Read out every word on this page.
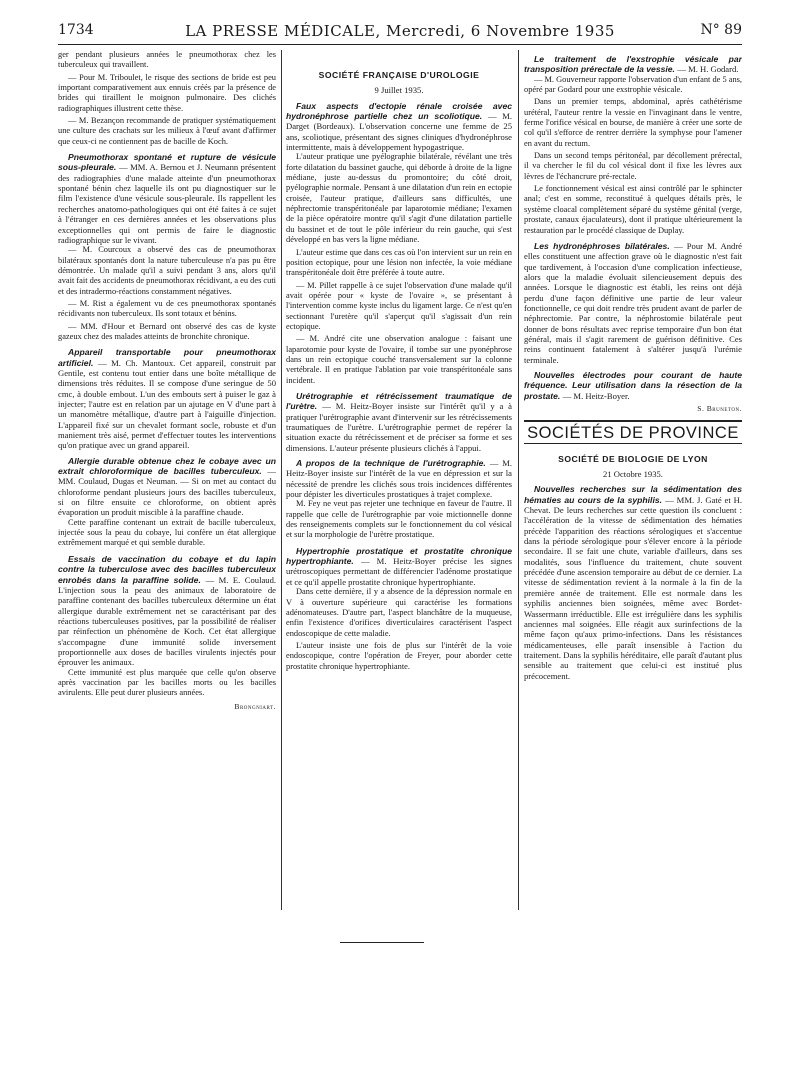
1734	LA PRESSE MÉDICALE, Mercredi, 6 Novembre 1935	N° 89

ger pendant plusieurs années le pneumothorax chez les tuberculeux qui travaillent.

— Pour M. Triboulet, le risque des sections de bride est peu important comparativement aux ennuis créés par la présence de brides qui tiraillent le moignon pulmonaire. Des clichés radiographiques illustrent cette thèse.

— M. Bezançon recommande de pratiquer systématiquement une culture des crachats sur les milieux à l'œuf avant d'affirmer que ceux-ci ne contiennent pas de bacille de Koch.

Pneumothorax spontané et rupture de vésicule sous-pleurale. — MM. A. Bernou et J. Neumann présentent des radiographies d'une malade atteinte d'un pneumothorax spontané bénin chez laquelle ils ont pu diagnostiquer sur le film l'existence d'une vésicule sous-pleurale. Ils rappellent les recherches anatomo-pathologiques qui ont été faites à ce sujet à l'étranger en ces dernières années et les observations plus exceptionnelles qui ont permis de faire le diagnostic radiographique sur le vivant.

— M. Courcoux a observé des cas de pneumothorax bilatéraux spontanés dont la nature tuberculeuse n'a pas pu être démontrée. Un malade qu'il a suivi pendant 3 ans, alors qu'il avait fait des accidents de pneumothorax récidivant, a eu des cuti et des intradermo-réactions constamment négatives.

— M. Rist a également vu de ces pneumothorax spontanés récidivants non tuberculeux. Ils sont totaux et bénins.

— MM. d'Hour et Bernard ont observé des cas de kyste gazeux chez des malades atteints de bronchite chronique.

Appareil transportable pour pneumothorax artificiel. — M. Ch. Mantoux. Cet appareil, construit par Gentile, est contenu tout entier dans une boîte métallique de dimensions très réduites. Il se compose d'une seringue de 50 cmc, à double embout. L'un des embouts sert à puiser le gaz à injecter; l'autre est en relation par un ajutage en V d'une part à un manomètre métallique, d'autre part à l'aiguille d'injection. L'appareil fixé sur un chevalet formant socle, robuste et d'un maniement très aisé, permet d'effectuer toutes les interventions qu'on pratique avec un grand appareil.
Allergie durable obtenue chez le cobaye avec un extrait chloroformique de bacilles tuberculeux. — MM. Coulaud, Dugas et Neuman. — Si on met au contact du chloroforme pendant plusieurs jours des bacilles tuberculeux, si on filtre ensuite ce chloroforme, on obtient après évaporation un produit miscible à la paraffine chaude.

Cette paraffine contenant un extrait de bacille tuberculeux, injectée sous la peau du cobaye, lui confère un état allergique extrêmement marqué et qui semble durable.

Essais de vaccination du cobaye et du lapin contre la tuberculose avec des bacilles tuberculeux enrobés dans la paraffine solide. — M. E. Coulaud. L'injection sous la peau des animaux de laboratoire de paraffine contenant des bacilles tuberculeux détermine un état allergique durable extrêmement net se caractérisant par des réactions tuberculeuses positives, par la possibilité de réaliser par réinfection un phénomène de Koch. Cet état allergique s'accompagne d'une immunité solide inversement proportionnelle aux doses de bacilles virulents injectés pour éprouver les animaux.

Cette immunité est plus marquée que celle qu'on observe après vaccination par les bacilles morts ou les bacilles avirulents. Elle peut durer plusieurs années.

Brongniart.
SOCIÉTÉ FRANÇAISE D'UROLOGIE

9 Juillet 1935.

Faux aspects d'ectopie rénale croisée avec hydronéphrose partielle chez un scoliotique. — M. Darget (Bordeaux). L'observation concerne une femme de 25 ans, scoliotique, présentant des signes cliniques d'hydronéphrose intermittente, mais à développement hypogastrique.

L'auteur pratique une pyélographie bilatérale, révélant une très forte dilatation du bassinet gauche, qui déborde à droite de la ligne médiane, juste au-dessus du promontoire; du côté droit, pyélographie normale. Pensant à une dilatation d'un rein en ectopie croisée, l'auteur pratique, d'ailleurs sans difficultés, une néphrectomie transpéritonéale par laparotomie médiane; l'examen de la pièce opératoire montre qu'il s'agit d'une dilatation partielle du bassinet et de tout le pôle inférieur du rein gauche, qui s'est développé en bas vers la ligne médiane.

L'auteur estime que dans ces cas où l'on intervient sur un rein en position ectopique, pour une lésion non infectée, la voie médiane transpéritonéale doit être préférée à toute autre.

— M. Pillet rappelle à ce sujet l'observation d'une malade qu'il avait opérée pour « kyste de l'ovaire », se présentant à l'intervention comme kyste inclus du ligament large. Ce n'est qu'en sectionnant l'uretère qu'il s'aperçut qu'il s'agissait d'un rein ectopique.

— M. André cite une observation analogue : faisant une laparotomie pour kyste de l'ovaire, il tombe sur une pyonéphrose dans un rein ectopique couché transversalement sur la colonne vertébrale. Il en pratique l'ablation par voie transpéritonéale sans incident.

Urétrographie et rétrécissement traumatique de l'urètre. — M. Heitz-Boyer insiste sur l'intérêt qu'il y a à pratiquer l'urétrographie avant d'intervenir sur les rétrécissements traumatiques de l'urètre. L'urétrographie permet de repérer la situation exacte du rétrécissement et de préciser sa forme et ses dimensions. L'auteur présente plusieurs clichés à l'appui.
A propos de la technique de l'urétrographie. — M. Heitz-Boyer insiste sur l'intérêt de la vue en dépression et sur la nécessité de prendre les clichés sous trois incidences différentes pour dépister les diverticules prostatiques à trajet complexe.

M. Fey ne veut pas rejeter une technique en faveur de l'autre. Il rappelle que celle de l'urétrographie par voie mictionnelle donne des renseignements complets sur le fonctionnement du col vésical et sur la morphologie de l'urètre prostatique.

Hypertrophie prostatique et prostatite chronique hypertrophiante. — M. Heitz-Boyer précise les signes urétroscopiques permettant de différencier l'adénome prostatique et ce qu'il appelle prostatite chronique hypertrophiante.

Dans cette dernière, il y a absence de la dépression normale en V à ouverture supérieure qui caractérise les formations adénomateuses. D'autre part, l'aspect blanchâtre de la muqueuse, enfin l'existence d'orifices diverticulaires caractérisent l'aspect endoscopique de cette maladie.

L'auteur insiste une fois de plus sur l'intérêt de la voie endoscopique, contre l'opération de Freyer, pour aborder cette prostatite chronique hypertrophiante.

Le traitement de l'exstrophie vésicale par transposition prérectale de la vessie. — M. H. Godard.

— M. Gouverneur rapporte l'observation d'un enfant de 5 ans, opéré par Godard pour une exstrophie vésicale.

Dans un premier temps, abdominal, après cathétérisme urétéral, l'auteur rentre la vessie en l'invaginant dans le ventre, ferme l'orifice vésical en bourse, de manière à créer une sorte de col qu'il s'efforce de rentrer derrière la symphyse pour l'amener en avant du rectum.

Dans un second temps péritonéal, par décollement prérectal, il va chercher le fil du col vésical dont il fixe les lèvres aux lèvres de l'échancrure pré-rectale.

Le fonctionnement vésical est ainsi contrôlé par le sphincter anal; c'est en somme, reconstitué à quelques détails près, le système cloacal complètement séparé du système génital (verge, prostate, canaux éjaculateurs), dont il pratique ultérieurement la restauration par le procédé classique de Duplay.

Les hydronéphroses bilatérales. — Pour M. André elles constituent une affection grave où le diagnostic n'est fait que tardivement, à l'occasion d'une complication infectieuse, alors que la maladie évoluait silencieusement depuis des années. Lorsque le diagnostic est établi, les reins ont déjà perdu d'une façon définitive une partie de leur valeur fonctionnelle, ce qui doit rendre très prudent avant de parler de néphrectomie. Par contre, la néphrostomie bilatérale peut donner de bons résultats avec reprise temporaire d'un bon état général, mais il s'agit rarement de guérison définitive. Ces reins continuent fatalement à s'altérer jusqu'à l'urémie terminale.
Nouvelles électrodes pour courant de haute fréquence. Leur utilisation dans la résection de la prostate. — M. Heitz-Boyer.
S. Bruneton.
SOCIÉTÉS DE PROVINCE
SOCIÉTÉ DE BIOLOGIE DE LYON

21 Octobre 1935.

Nouvelles recherches sur la sédimentation des hématies au cours de la syphilis. — MM. J. Gaté et H. Chevat. De leurs recherches sur cette question ils concluent : l'accélération de la vitesse de sédimentation des hématies précède l'apparition des réactions sérologiques et s'accentue dans la période sérologique pour s'élever encore à la période secondaire. Il se fait une chute, variable d'ailleurs, dans ses modalités, sous l'influence du traitement, chute souvent précédée d'une ascension temporaire au début de ce dernier. La vitesse de sédimentation revient à la normale à la fin de la première année de traitement. Elle est normale dans les syphilis anciennes bien soignées, même avec Bordet-Wassermann irréductible. Elle est irrégulière dans les syphilis anciennes mal soignées. Elle réagit aux surinfections de la même façon qu'aux primo-infections. Dans les résistances médicamenteuses, elle paraît insensible à l'action du traitement. Dans la syphilis héréditaire, elle paraît d'autant plus sensible au traitement que celui-ci est institué plus précocement.
